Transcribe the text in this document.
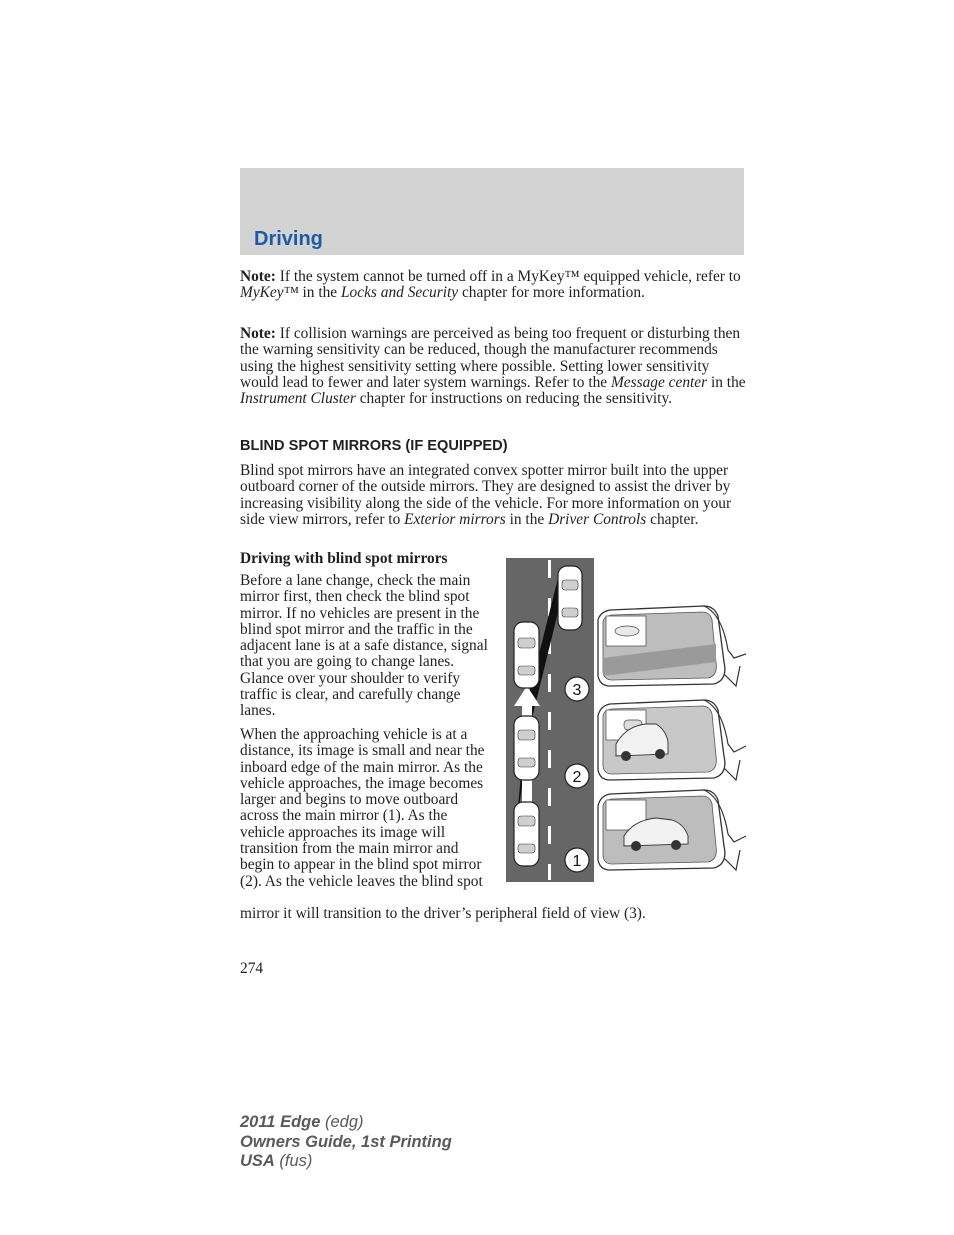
Driving

Note: If the system cannot be turned off in a MyKey™ equipped vehicle, refer to MyKey™ in the Locks and Security chapter for more information.

Note: If collision warnings are perceived as being too frequent or disturbing then the warning sensitivity can be reduced, though the manufacturer recommends using the highest sensitivity setting where possible. Setting lower sensitivity would lead to fewer and later system warnings. Refer to the Message center in the Instrument Cluster chapter for instructions on reducing the sensitivity.

BLIND SPOT MIRRORS (IF EQUIPPED)

Blind spot mirrors have an integrated convex spotter mirror built into the upper outboard corner of the outside mirrors. They are designed to assist the driver by increasing visibility along the side of the vehicle. For more information on your side view mirrors, refer to Exterior mirrors in the Driver Controls chapter.

Driving with blind spot mirrors

Before a lane change, check the main mirror first, then check the blind spot mirror. If no vehicles are present in the blind spot mirror and the traffic in the adjacent lane is at a safe distance, signal that you are going to change lanes. Glance over your shoulder to verify traffic is clear, and carefully change lanes.

When the approaching vehicle is at a distance, its image is small and near the inboard edge of the main mirror. As the vehicle approaches, the image becomes larger and begins to move outboard across the main mirror (1). As the vehicle approaches its image will transition from the main mirror and begin to appear in the blind spot mirror (2). As the vehicle leaves the blind spot

mirror it will transition to the driver’s peripheral field of view (3).

3
2
1

274

2011 Edge (edg)
Owners Guide, 1st Printing
USA (fus)
